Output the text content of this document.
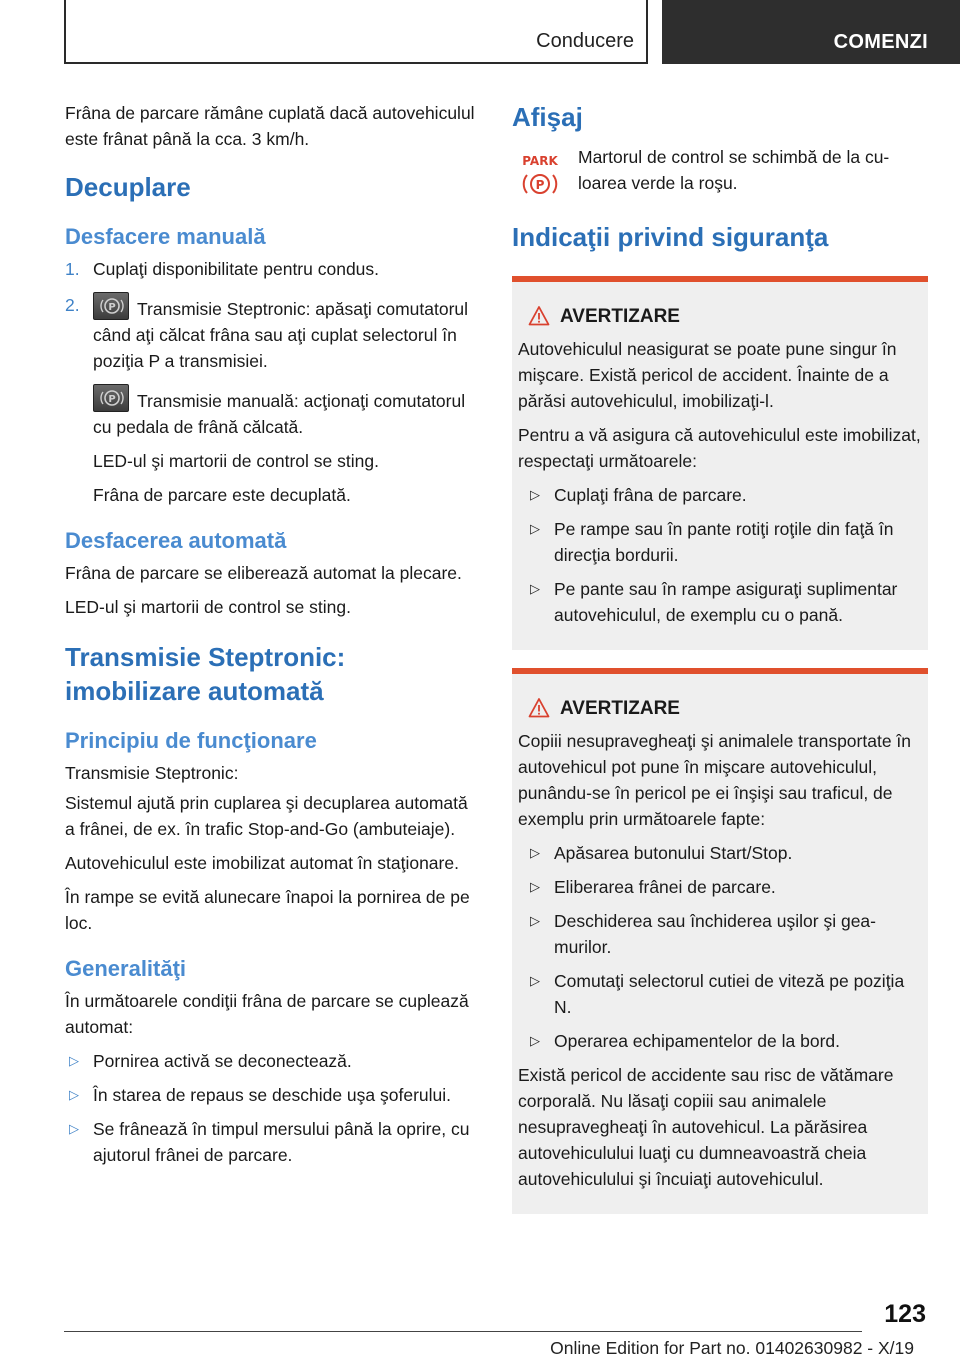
Conducere	COMENZI

Frâna de parcare rămâne cuplată dacă autovehiculul este frânat până la cca. 3 km/h.

Decuplare
Desfacere manuală
1. Cuplaţi disponibilitate pentru condus.
2.	P Transmisie Steptronic: apăsaţi comutatorul când aţi călcat frâna sau aţi cuplat selectorul în poziţia P a transmisiei.

P Transmisie manuală: acţionaţi comutatorul cu pedala de frână călcată.

LED-ul şi martorii de control se sting.

Frâna de parcare este decuplată.

Desfacerea automată

Frâna de parcare se eliberează automat la plecare.

LED-ul şi martorii de control se sting.

Transmisie Steptronic: imobilizare automată
Principiu de funcţionare

Transmisie Steptronic:

Sistemul ajută prin cuplarea şi decuplarea automată a frânei, de ex. în trafic Stop-and-Go (ambuteiaje).

Autovehiculul este imobilizat automat în staţionare.

În rampe se evită alunecare înapoi la pornirea de pe loc.

Generalităţi

În următoarele condiţii frâna de parcare se cuplează automat:

▷ Pornirea activă se deconectează.
▷ În starea de repaus se deschide uşa şoferului.
▷ Se frânează în timpul mersului până la oprire, cu ajutorul frânei de parcare.
Afişaj
PARK
P

Martorul de control se schimbă de la culoarea verde la roşu.

Indicaţii privind siguranţa
AVERTIZARE

Autovehiculul neasigurat se poate pune singur în mişcare. Există pericol de accident. Înainte de a părăsi autovehiculul, imobilizaţi-l.

Pentru a vă asigura că autovehiculul este imobilizat, respectaţi următoarele:

▷ Cuplaţi frâna de parcare.
▷ Pe rampe sau în pante rotiţi roţile din faţă în direcţia bordurii.
▷ Pe pante sau în rampe asiguraţi suplimentar autovehiculul, de exemplu cu o pană.
AVERTIZARE

Copiii nesupravegheaţi şi animalele transportate în autovehicul pot pune în mişcare autovehiculul, punându-se în pericol pe ei înşişi sau traficul, de exemplu prin următoarele fapte:

▷ Apăsarea butonului Start/Stop.
▷ Eliberarea frânei de parcare.
▷ Deschiderea sau închiderea uşilor şi geamurilor.
▷ Comutaţi selectorul cutiei de viteză pe poziţia N.
▷ Operarea echipamentelor de la bord.

Există pericol de accidente sau risc de vătămare corporală. Nu lăsaţi copiii sau animalele nesupravegheaţi în autovehicul. La părăsirea autovehiculului luaţi cu dumneavoastră cheia autovehiculului şi încuiaţi autovehiculul.

123
Online Edition for Part no. 01402630982 - X/19
